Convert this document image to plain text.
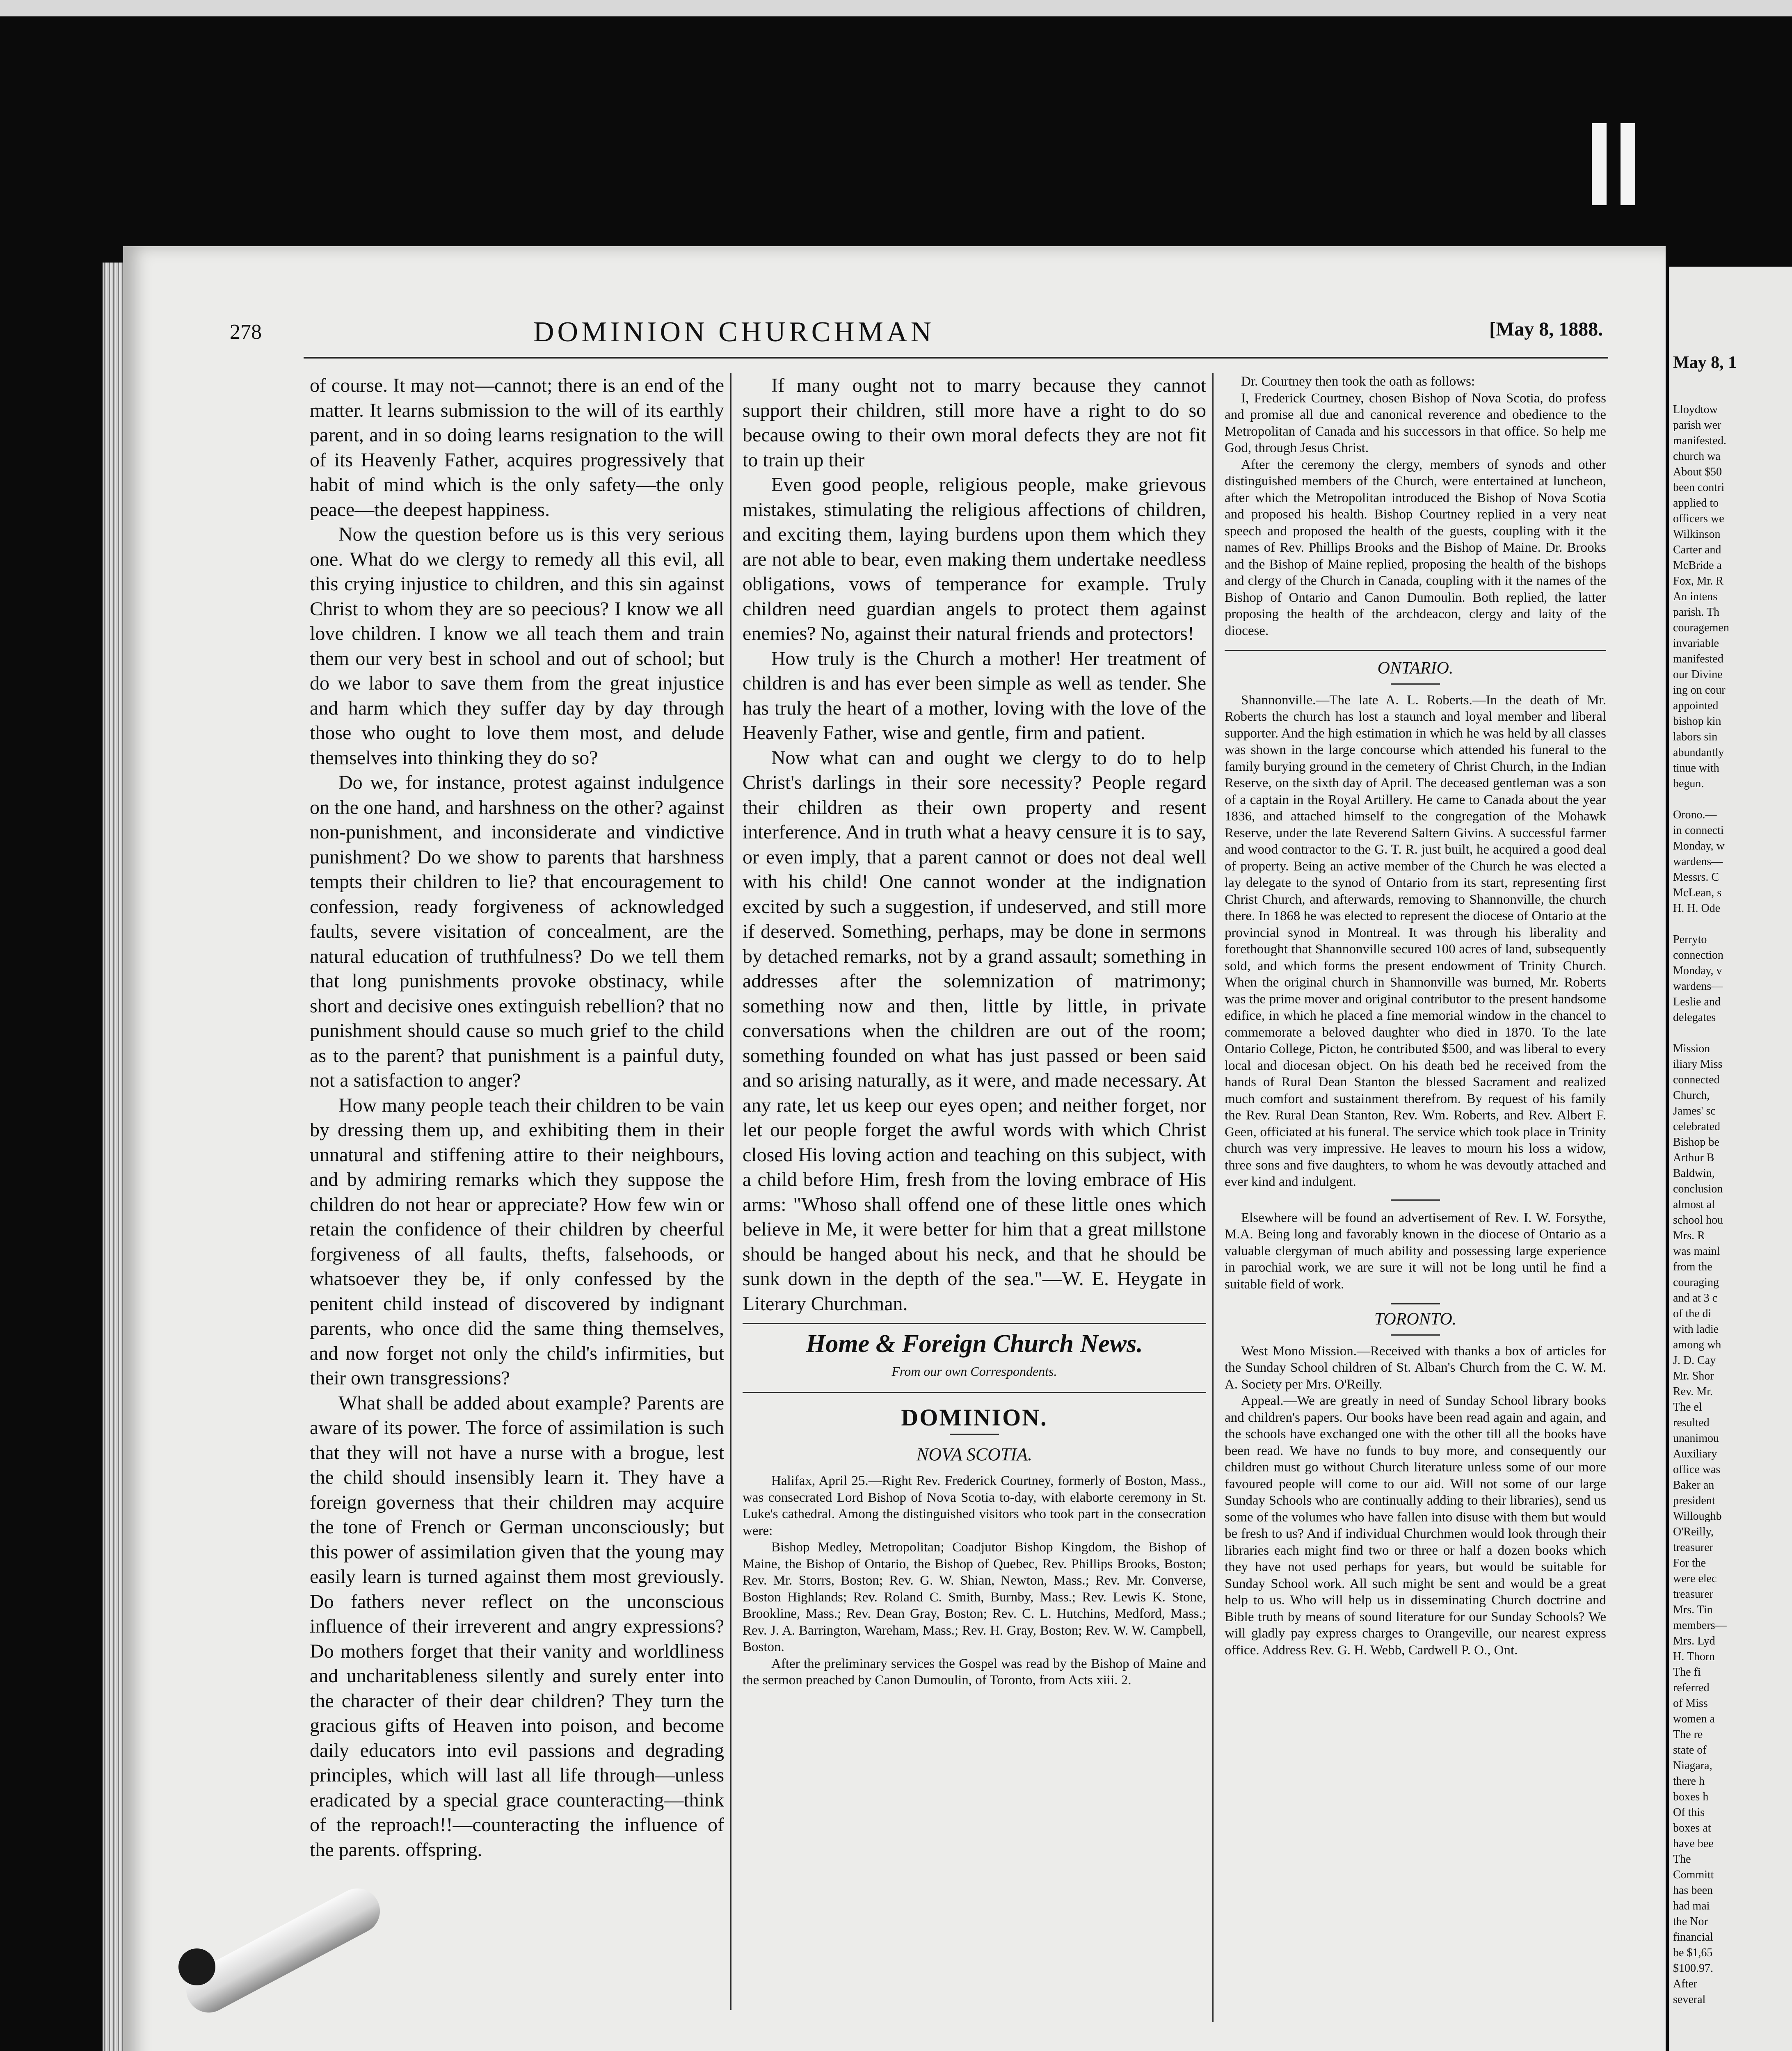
May 8, 1
Lloydtow
parish wer
manifested.
church wa
About $50
been contri
applied to
officers we
Wilkinson
Carter and
McBride a
Fox, Mr. R
An intens
parish. Th
couragemen
invariable
manifested
our Divine
ing on cour
appointed
bishop kin
labors sin
abundantly
tinue with
begun.

Orono.—
in connecti
Monday, w
wardens—
Messrs. C
McLean, s
H. H. Ode

Perryto
connection
Monday, v
wardens—
Leslie and
delegates

Mission
iliary Miss
connected
Church,
James' sc
celebrated
Bishop be
Arthur B
Baldwin,
conclusion
almost al
school hou
Mrs. R
was mainl
from the
couraging
and at 3 c
of the di
with ladie
among wh
J. D. Cay
Mr. Shor
Rev. Mr.
The el
resulted
unanimou
Auxiliary
office was
Baker an
president
Willoughb
O'Reilly,
treasurer
For the
were elec
treasurer
Mrs. Tin
members—
Mrs. Lyd
H. Thorn
The fi
referred
of Miss
women a
The re
state of
Niagara,
there h
boxes h
Of this
boxes at
have bee
The
Committ
has been
had mai
the Nor
financial
be $1,65
$100.97.
After
several
278	DOMINION CHURCHMAN	[May 8, 1888.

of course. It may not—cannot; there is an end of the matter. It learns submission to the will of its earthly parent, and in so doing learns resignation to the will of its Heavenly Father, acquires progressively that habit of mind which is the only safety—the only peace—the deepest happiness.

Now the question before us is this very serious one. What do we clergy to remedy all this evil, all this crying injustice to children, and this sin against Christ to whom they are so peecious? I know we all love children. I know we all teach them and train them our very best in school and out of school; but do we labor to save them from the great injustice and harm which they suffer day by day through those who ought to love them most, and delude themselves into thinking they do so?

Do we, for instance, protest against indulgence on the one hand, and harshness on the other? against non-punishment, and inconsiderate and vindictive punishment? Do we show to parents that harshness tempts their children to lie? that encouragement to confession, ready forgiveness of acknowledged faults, severe visitation of concealment, are the natural education of truthfulness? Do we tell them that long punishments provoke obstinacy, while short and decisive ones extinguish rebellion? that no punishment should cause so much grief to the child as to the parent? that punishment is a painful duty, not a satisfaction to anger?

How many people teach their children to be vain by dressing them up, and exhibiting them in their unnatural and stiffening attire to their neighbours, and by admiring remarks which they suppose the children do not hear or appreciate? How few win or retain the confidence of their children by cheerful forgiveness of all faults, thefts, falsehoods, or whatsoever they be, if only confessed by the penitent child instead of discovered by indignant parents, who once did the same thing themselves, and now forget not only the child's infirmities, but their own transgressions?

What shall be added about example? Parents are aware of its power. The force of assimilation is such that they will not have a nurse with a brogue, lest the child should insensibly learn it. They have a foreign governess that their children may acquire the tone of French or German unconsciously; but this power of assimilation given that the young may easily learn is turned against them most greviously. Do fathers never reflect on the unconscious influence of their irreverent and angry expressions? Do mothers forget that their vanity and worldliness and uncharitableness silently and surely enter into the character of their dear children? They turn the gracious gifts of Heaven into poison, and become daily educators into evil passions and degrading principles, which will last all life through—unless eradicated by a special grace counteracting—think of the reproach!!—counteracting the influence of the parents. offspring.

If many ought not to marry because they cannot support their children, still more have a right to do so because owing to their own moral defects they are not fit to train up their

Even good people, religious people, make grievous mistakes, stimulating the religious affections of children, and exciting them, laying burdens upon them which they are not able to bear, even making them undertake needless obligations, vows of temperance for example. Truly children need guardian angels to protect them against enemies? No, against their natural friends and protectors!

How truly is the Church a mother! Her treatment of children is and has ever been simple as well as tender. She has truly the heart of a mother, loving with the love of the Heavenly Father, wise and gentle, firm and patient.

Now what can and ought we clergy to do to help Christ's darlings in their sore necessity? People regard their children as their own property and resent interference. And in truth what a heavy censure it is to say, or even imply, that a parent cannot or does not deal well with his child! One cannot wonder at the indignation excited by such a suggestion, if undeserved, and still more if deserved. Something, perhaps, may be done in sermons by detached remarks, not by a grand assault; something in addresses after the solemnization of matrimony; something now and then, little by little, in private conversations when the children are out of the room; something founded on what has just passed or been said and so arising naturally, as it were, and made necessary. At any rate, let us keep our eyes open; and neither forget, nor let our people forget the awful words with which Christ closed His loving action and teaching on this subject, with a child before Him, fresh from the loving embrace of His arms: "Whoso shall offend one of these little ones which believe in Me, it were better for him that a great millstone should be hanged about his neck, and that he should be sunk down in the depth of the sea."—W. E. Heygate in Literary Churchman.

Home & Foreign Church News.

From our own Correspondents.

DOMINION.

NOVA SCOTIA.

Halifax, April 25.—Right Rev. Frederick Courtney, formerly of Boston, Mass., was consecrated Lord Bishop of Nova Scotia to-day, with elaborte ceremony in St. Luke's cathedral. Among the distinguished visitors who took part in the consecration were:

Bishop Medley, Metropolitan; Coadjutor Bishop Kingdom, the Bishop of Maine, the Bishop of Ontario, the Bishop of Quebec, Rev. Phillips Brooks, Boston; Rev. Mr. Storrs, Boston; Rev. G. W. Shian, Newton, Mass.; Rev. Mr. Converse, Boston Highlands; Rev. Roland C. Smith, Burnby, Mass.; Rev. Lewis K. Stone, Brookline, Mass.; Rev. Dean Gray, Boston; Rev. C. L. Hutchins, Medford, Mass.; Rev. J. A. Barrington, Wareham, Mass.; Rev. H. Gray, Boston; Rev. W. W. Campbell, Boston.

After the preliminary services the Gospel was read by the Bishop of Maine and the sermon preached by Canon Dumoulin, of Toronto, from Acts xiii. 2.

Dr. Courtney then took the oath as follows:

I, Frederick Courtney, chosen Bishop of Nova Scotia, do profess and promise all due and canonical reverence and obedience to the Metropolitan of Canada and his successors in that office. So help me God, through Jesus Christ.

After the ceremony the clergy, members of synods and other distinguished members of the Church, were entertained at luncheon, after which the Metropolitan introduced the Bishop of Nova Scotia and proposed his health. Bishop Courtney replied in a very neat speech and proposed the health of the guests, coupling with it the names of Rev. Phillips Brooks and the Bishop of Maine. Dr. Brooks and the Bishop of Maine replied, proposing the health of the bishops and clergy of the Church in Canada, coupling with it the names of the Bishop of Ontario and Canon Dumoulin. Both replied, the latter proposing the health of the archdeacon, clergy and laity of the diocese.

ONTARIO.

Shannonville.—The late A. L. Roberts.—In the death of Mr. Roberts the church has lost a staunch and loyal member and liberal supporter. And the high estimation in which he was held by all classes was shown in the large concourse which attended his funeral to the family burying ground in the cemetery of Christ Church, in the Indian Reserve, on the sixth day of April. The deceased gentleman was a son of a captain in the Royal Artillery. He came to Canada about the year 1836, and attached himself to the congregation of the Mohawk Reserve, under the late Reverend Saltern Givins. A successful farmer and wood contractor to the G. T. R. just built, he acquired a good deal of property. Being an active member of the Church he was elected a lay delegate to the synod of Ontario from its start, representing first Christ Church, and afterwards, removing to Shannonville, the church there. In 1868 he was elected to represent the diocese of Ontario at the provincial synod in Montreal. It was through his liberality and forethought that Shannonville secured 100 acres of land, subsequently sold, and which forms the present endowment of Trinity Church. When the original church in Shannonville was burned, Mr. Roberts was the prime mover and original contributor to the present handsome edifice, in which he placed a fine memorial window in the chancel to commemorate a beloved daughter who died in 1870. To the late Ontario College, Picton, he contributed $500, and was liberal to every local and diocesan object. On his death bed he received from the hands of Rural Dean Stanton the blessed Sacrament and realized much comfort and sustainment therefrom. By request of his family the Rev. Rural Dean Stanton, Rev. Wm. Roberts, and Rev. Albert F. Geen, officiated at his funeral. The service which took place in Trinity church was very impressive. He leaves to mourn his loss a widow, three sons and five daughters, to whom he was devoutly attached and ever kind and indulgent.

Elsewhere will be found an advertisement of Rev. I. W. Forsythe, M.A. Being long and favorably known in the diocese of Ontario as a valuable clergyman of much ability and possessing large experience in parochial work, we are sure it will not be long until he find a suitable field of work.

TORONTO.

West Mono Mission.—Received with thanks a box of articles for the Sunday School children of St. Alban's Church from the C. W. M. A. Society per Mrs. O'Reilly.

Appeal.—We are greatly in need of Sunday School library books and children's papers. Our books have been read again and again, and the schools have exchanged one with the other till all the books have been read. We have no funds to buy more, and consequently our children must go without Church literature unless some of our more favoured people will come to our aid. Will not some of our large Sunday Schools who are continually adding to their libraries), send us some of the volumes who have fallen into disuse with them but would be fresh to us? And if individual Churchmen would look through their libraries each might find two or three or half a dozen books which they have not used perhaps for years, but would be suitable for Sunday School work. All such might be sent and would be a great help to us. Who will help us in disseminating Church doctrine and Bible truth by means of sound literature for our Sunday Schools? We will gladly pay express charges to Orangeville, our nearest express office. Address Rev. G. H. Webb, Cardwell P. O., Ont.
